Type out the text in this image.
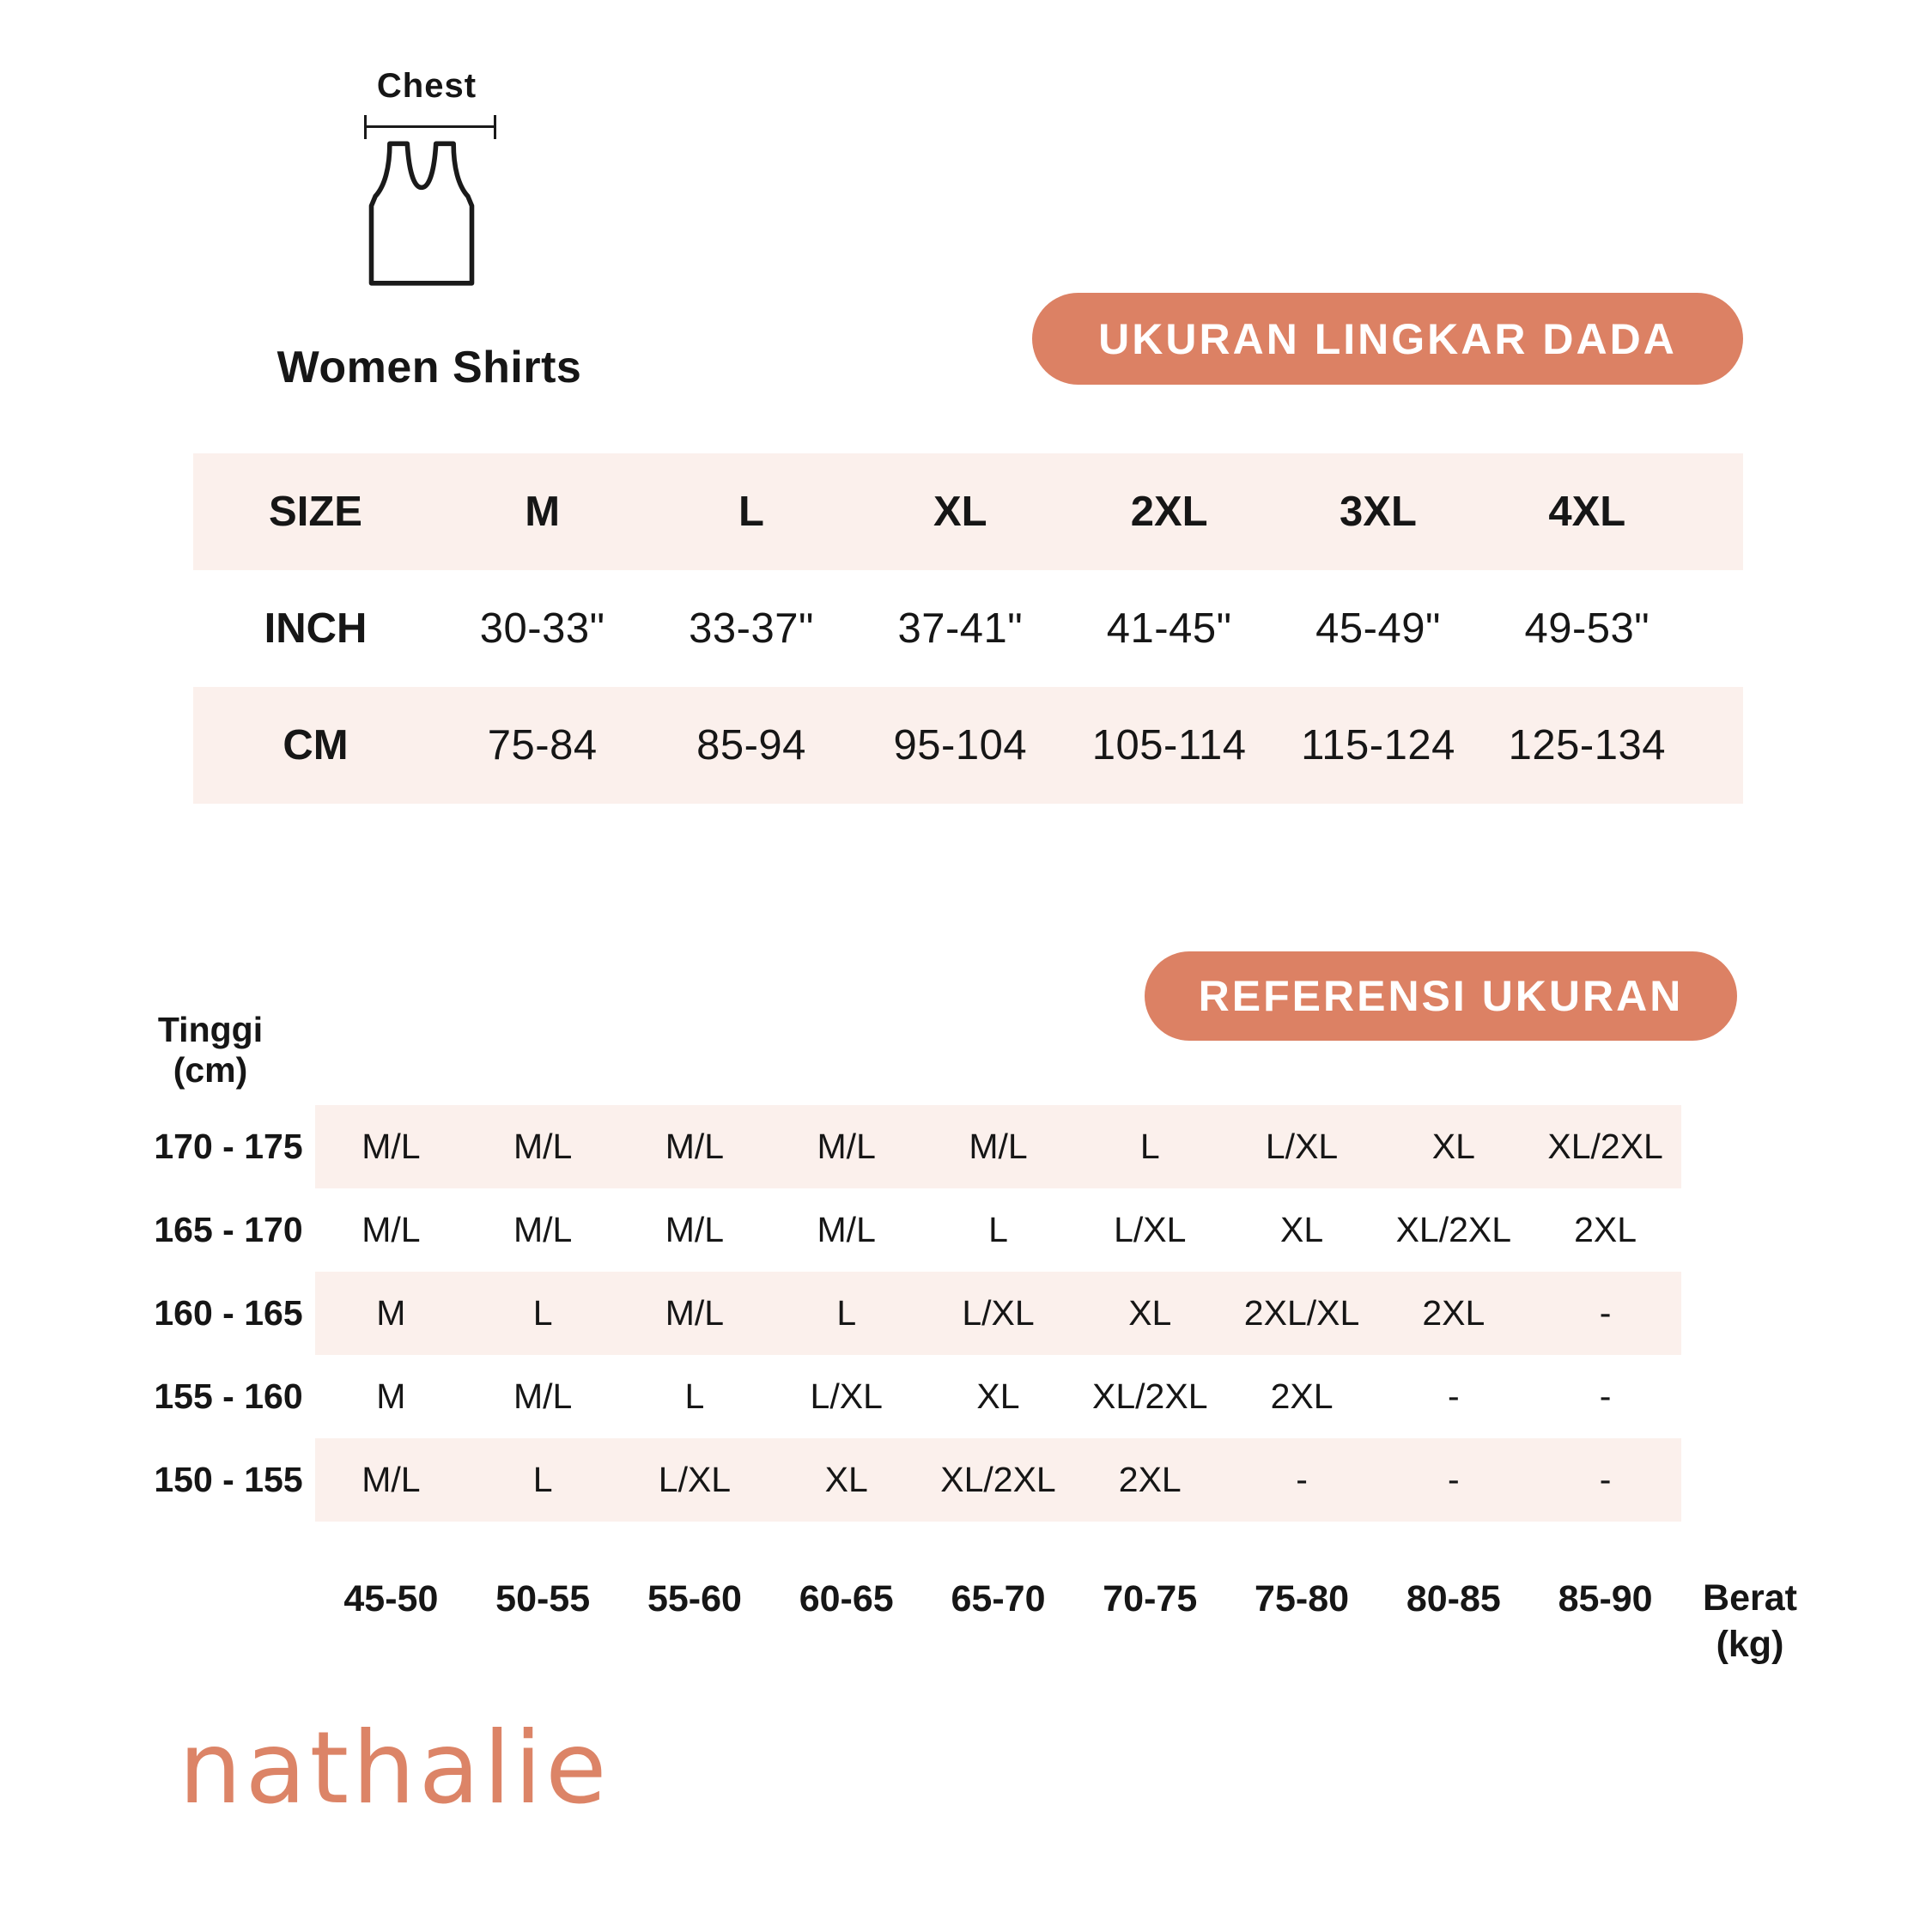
Chest
Women Shirts
UKURAN LINGKAR DADA
REFERENSI UKURAN
SIZE	M	L	XL	2XL	3XL	4XL
INCH	30-33"	33-37"	37-41"	41-45"	45-49"	49-53"
CM	75-84	85-94	95-104	105-114	115-124	125-134
Tinggi
(cm)
170 - 175	M/L	M/L	M/L	M/L	M/L	L	L/XL	XL	XL/2XL
165 - 170	M/L	M/L	M/L	M/L	L	L/XL	XL	XL/2XL	2XL
160 - 165	M	L	M/L	L	L/XL	XL	2XL/XL	2XL	-
155 - 160	M	M/L	L	L/XL	XL	XL/2XL	2XL	-	-
150 - 155	M/L	L	L/XL	XL	XL/2XL	2XL	-	-	-
45-50	50-55	55-60	60-65	65-70	70-75	75-80	80-85	85-90	Berat
(kg)
nathalie
